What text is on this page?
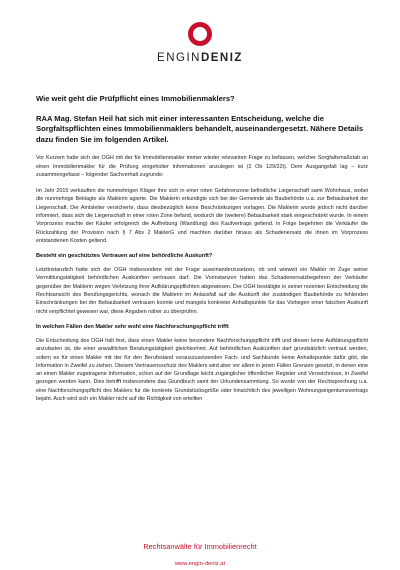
ENGINDENIZ
Wie weit geht die Prüfpflicht eines Immobilienmaklers?
RAA Mag. Stefan Heil hat sich mit einer interessanten Entscheidung, welche die Sorgfaltspflichten eines Immobilienmaklers behandelt, auseinandergesetzt. Nähere Details dazu finden Sie im folgenden Artikel.

Vor Kurzem hatte sich der OGH mit der für Immobilienmakler immer wieder relevanten Frage zu befassen, welcher Sorgfaltsmaßstab an einen Immobilienmakler für die Prüfung eingeholter Informationen anzulegen ist (2 Ob 129/22t). Dem Ausgangsfall lag – kurz zusammengefasst – folgender Sachverhalt zugrunde:

Im Jahr 2015 verkauften die nunmehrigen Kläger ihre sich in einer roten Gefahrenzone befindliche Liegenschaft samt Wohnhaus, wobei die nunmehrige Beklagte als Maklerin agierte. Die Maklerin erkundigte sich bei der Gemeinde als Baubehörde u.a. zur Bebaubarkeit der Liegenschaft. Der Amtsleiter versicherte, dass diesbezüglich keine Beschränkungen vorlagen. Die Maklerin wurde jedoch nicht darüber informiert, dass sich die Liegenschaft in einer roten Zone befand, wodurch die (weitere) Bebaubarkeit stark eingeschränkt wurde. In einem Vorprozess machte der Käufer erfolgreich die Aufhebung (Wandlung) des Kaufvertrags geltend. In Folge begehrten die Verkäufer die Rückzahlung der Provision nach § 7 Abs 2 MaklerG und machten darüber hinaus als Schadenersatz die ihnen im Vorprozess entstandenen Kosten geltend.

Besteht ein geschütztes Vertrauen auf eine behördliche Auskunft?

Letztinstanzlich hatte sich der OGH insbesondere mit der Frage auseinanderzusetzen, ob und wieweit ein Makler im Zuge seiner Vermittlungstätigkeit behördlichen Auskünften vertrauen darf. Die Vorinstanzen hatten das Schadenersatzbegehren der Verkäufer gegenüber der Maklerin wegen Verletzung ihrer Aufklärungspflichten abgewiesen. Der OGH bestätigte in seiner rezenten Entscheidung die Rechtsansicht des Berufungsgerichts, wonach die Maklerin im Anlassfall auf die Auskunft der zuständigen Baubehörde zu fehlenden Einschränkungen bei der Bebaubarkeit vertrauen konnte und mangels konkreter Anhaltspunkte für das Vorliegen einer falschen Auskunft nicht verpflichtet gewesen war, diese Angaben näher zu überprüfen.

In welchen Fällen den Makler sehr wohl eine Nachforschungspflicht trifft

Die Entscheidung des OGH hält fest, dass einen Makler keine besondere Nachforschungspflicht trifft und diesen keine Aufklärungspflicht anzulasten ist, die einer anwaltlichen Beratungstätigkeit gleichkommt. Auf behördlichen Auskünften darf grundsätzlich vertraut werden, sofern es für einen Makler mit der für den Berufsstand vorauszusetzenden Fach- und Sachkunde keine Anhaltspunkte dafür gibt, die Information in Zweifel zu ziehen. Diesem Vertrauensschutz des Maklers wird aber vor allem in jenen Fällen Grenzen gesetzt, in denen eine an einen Makler zugetragene Information, schon auf der Grundlage leicht zugänglicher öffentlicher Register und Verzeichnisse, in Zweifel gezogen werden kann. Dies betrifft insbesondere das Grundbuch samt der Urkundensammlung. So wurde von der Rechtsprechung u.a. eine Nachforschungspflicht des Maklers für die konkrete Grundstücksgröße oder hinsichtlich des jeweiligen Wohnungseigentumsvertrags bejaht. Auch wird sich ein Makler nicht auf die Richtigkeit von erteilten

Rechtsanwälte für Immobilienrecht
www.engin-deniz.at
